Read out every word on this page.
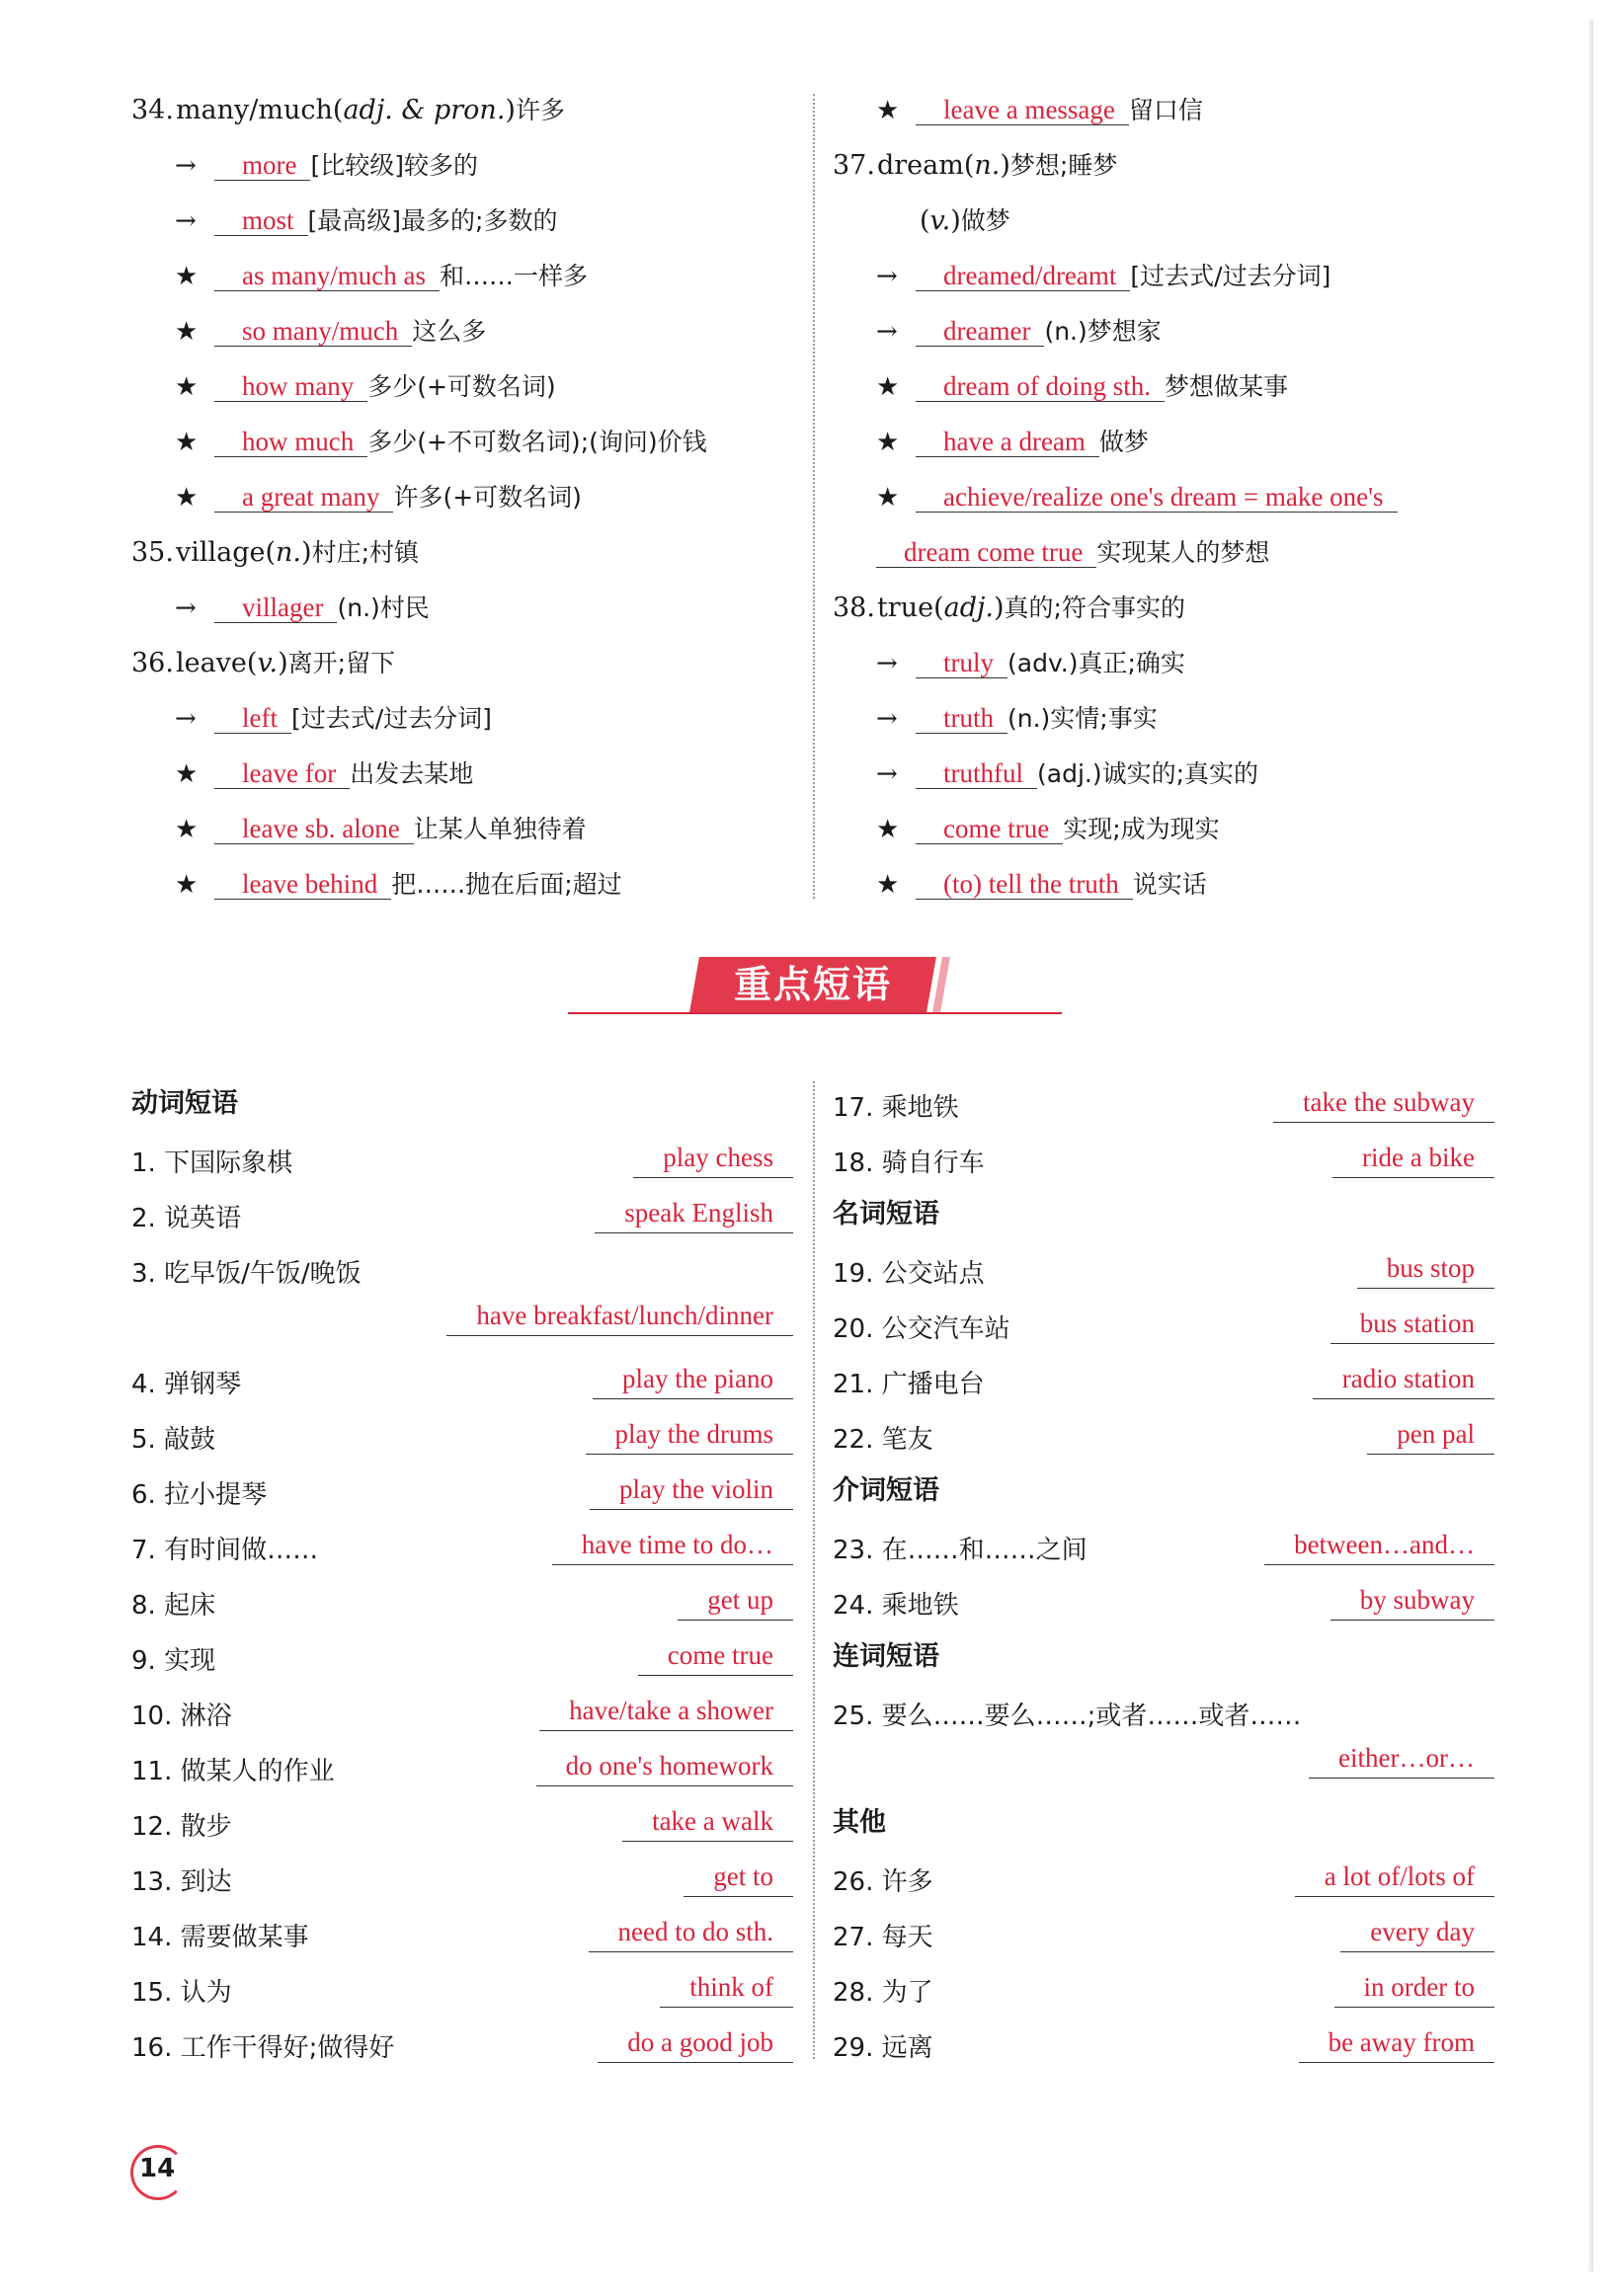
34. many/much ( adj. & pron. ) 许多
→	more [比较级]较多的
→	most [最高级]最多的;多数的
★	as many/much as 和……一样多
★	so many/much 这么多
★	how many 多少(+可数名词)
★	how much 多少(+不可数名词);(询问)价钱
★	a great many 许多(+可数名词)
35. village ( n. ) 村庄;村镇
→	villager (n.)村民
36. leave ( v. ) 离开;留下
→	left [过去式/过去分词]
★	leave for 出发去某地
★	leave sb. alone 让某人单独待着
★	leave behind 把……抛在后面;超过
★	leave a message 留口信
37. dream ( n. ) 梦想;睡梦
( v. ) 做梦
→	dreamed/dreamt [过去式/过去分词]
→	dreamer (n.)梦想家
★	dream of doing sth. 梦想做某事
★	have a dream 做梦
★	achieve/realize one's dream = make one's
dream come true 实现某人的梦想
38. true ( adj. ) 真的;符合事实的
→	truly (adv.)真正;确实
→	truth (n.)实情;事实
→	truthful (adj.)诚实的;真实的
★	come true 实现;成为现实
★	(to) tell the truth 说实话
重点短语
动词短语
1. 下国际象棋	play chess
2. 说英语	speak English
3. 吃早饭/午饭/晚饭
have breakfast/lunch/dinner
4. 弹钢琴	play the piano
5. 敲鼓	play the drums
6. 拉小提琴	play the violin
7. 有时间做……	have time to do…
8. 起床	get up
9. 实现	come true
10. 淋浴	have/take a shower
11. 做某人的作业	do one's homework
12. 散步	take a walk
13. 到达	get to
14. 需要做某事	need to do sth.
15. 认为	think of
16. 工作干得好;做得好	do a good job
17. 乘地铁	take the subway
18. 骑自行车	ride a bike
名词短语
19. 公交站点	bus stop
20. 公交汽车站	bus station
21. 广播电台	radio station
22. 笔友	pen pal
介词短语
23. 在……和……之间	between…and…
24. 乘地铁	by subway
连词短语
25. 要么……要么……;或者……或者……
either…or…
其他
26. 许多	a lot of/lots of
27. 每天	every day
28. 为了	in order to
29. 远离	be away from
14
